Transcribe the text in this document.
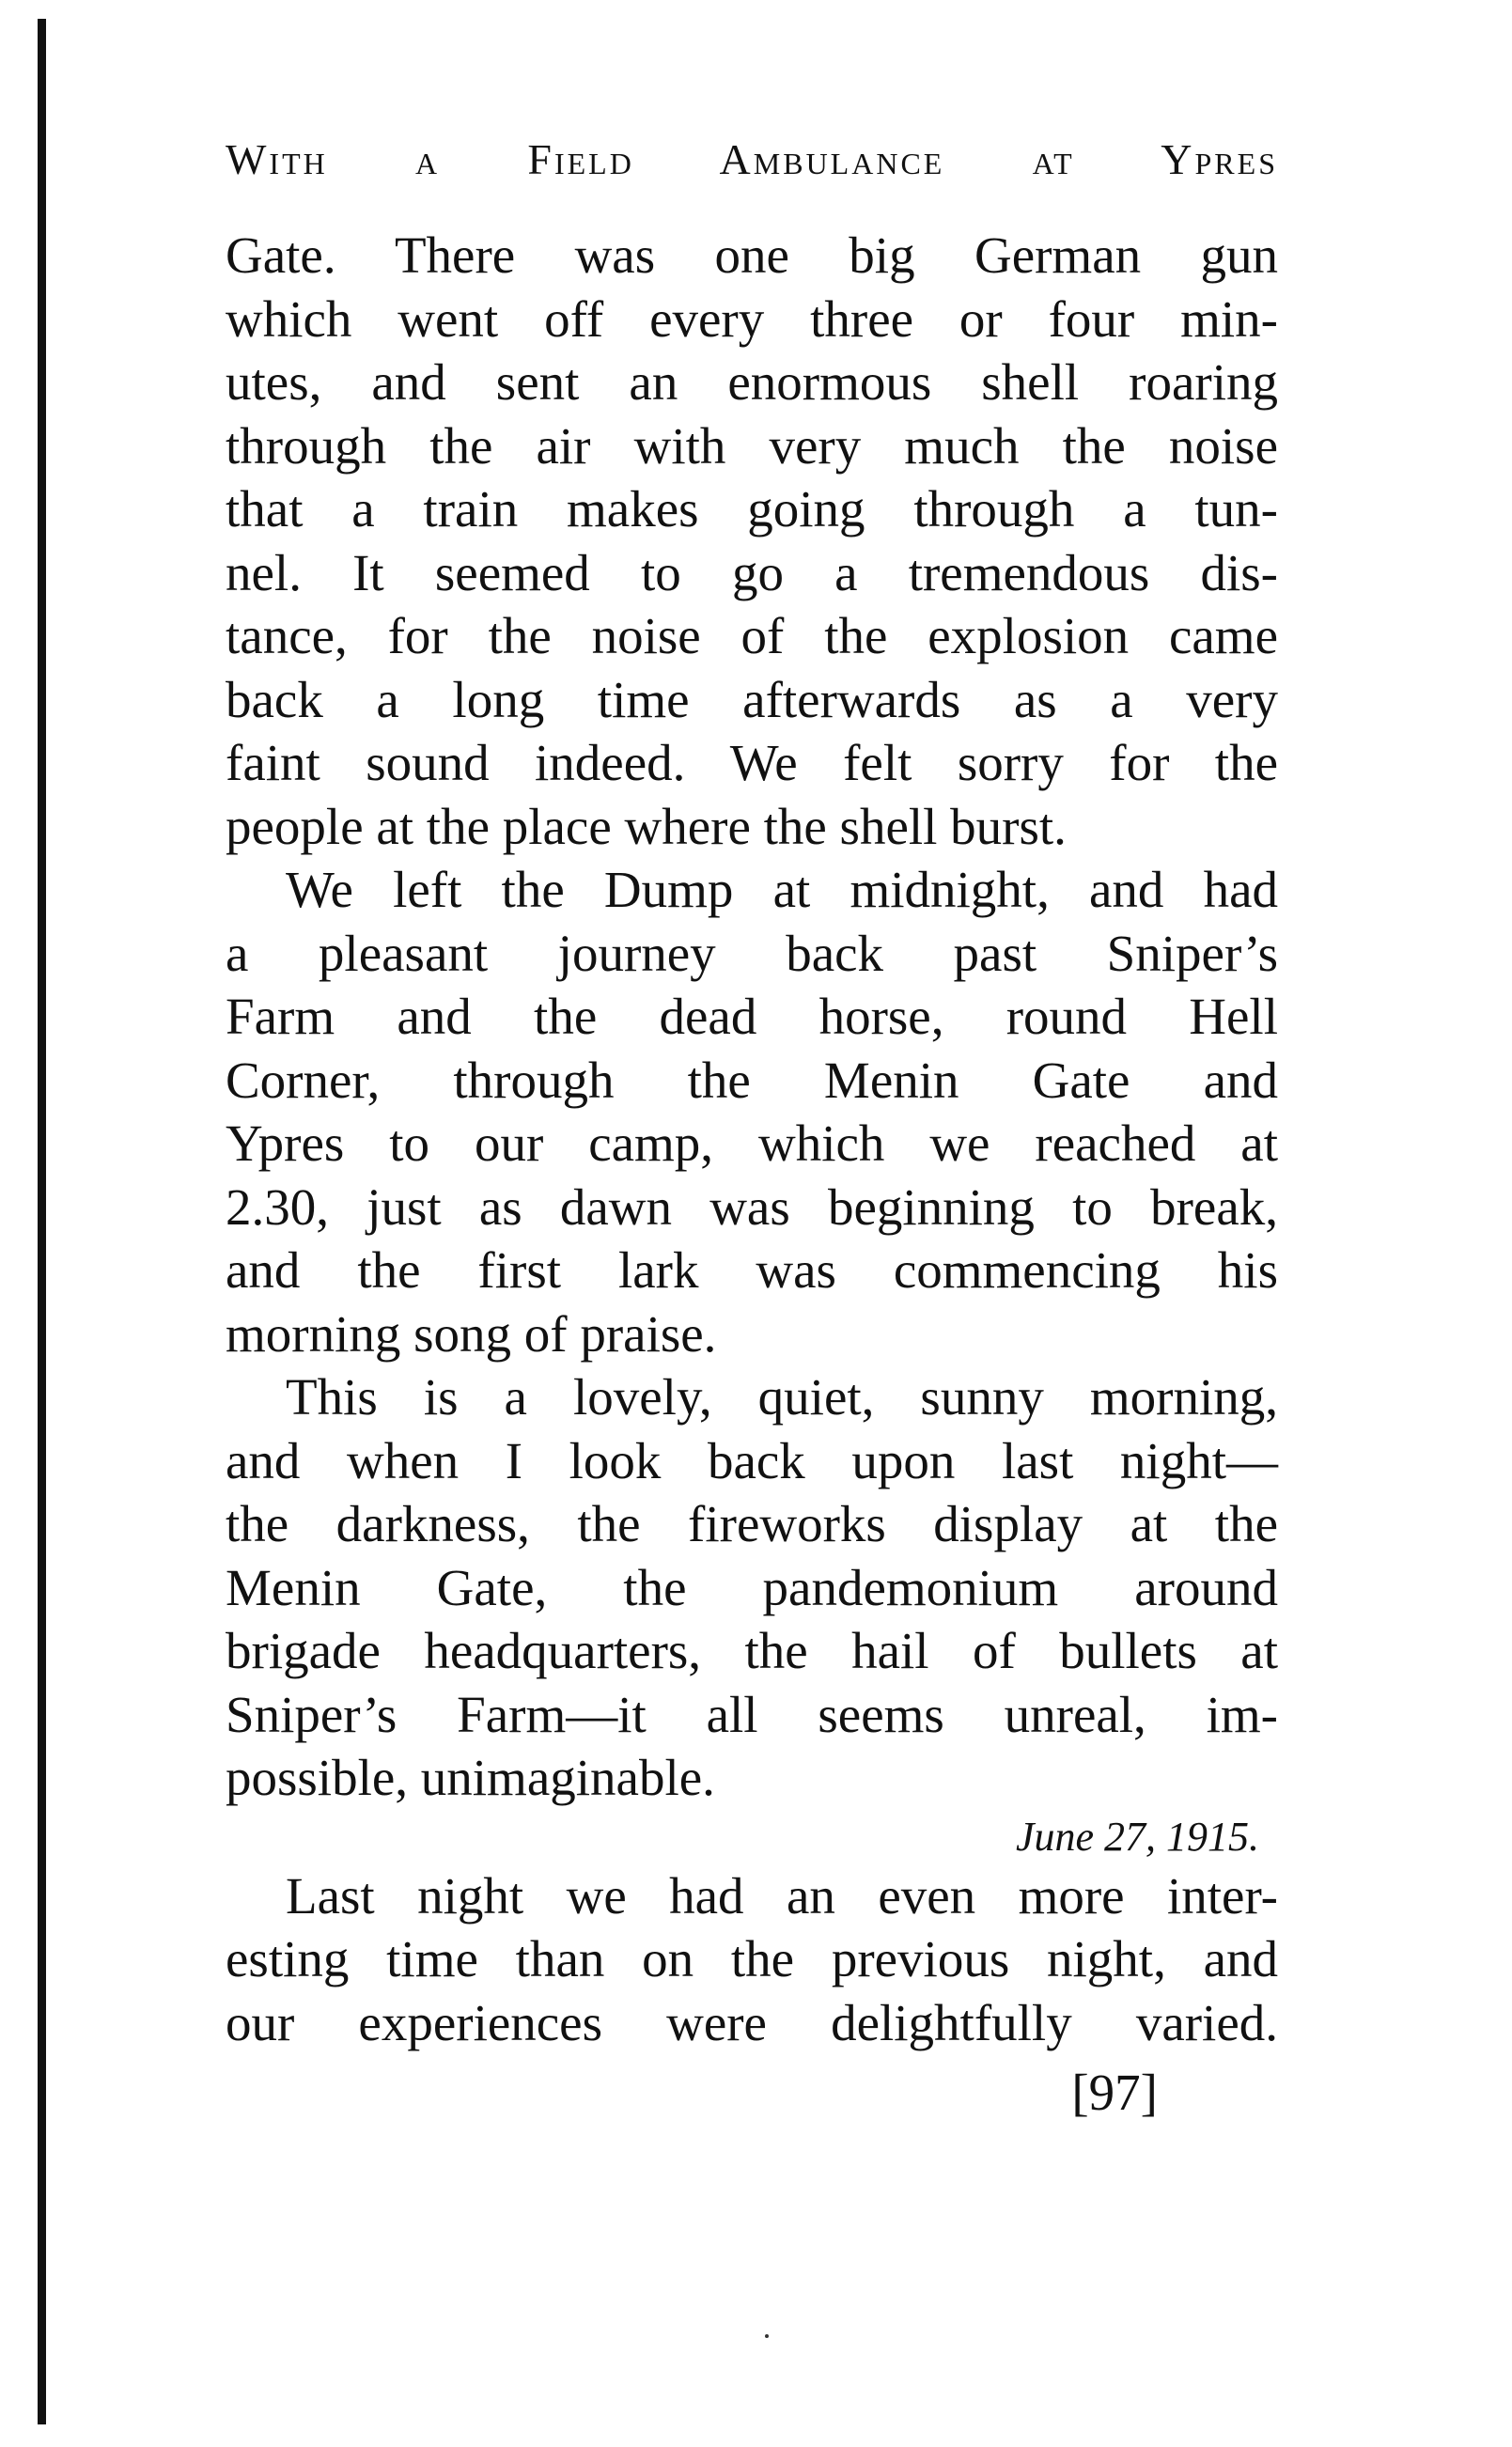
With a Field Ambulance at Ypres
Gate. There was one big German gun
which went off every three or four min-
utes, and sent an enormous shell roaring
through the air with very much the noise
that a train makes going through a tun-
nel. It seemed to go a tremendous dis-
tance, for the noise of the explosion came
back a long time afterwards as a very
faint sound indeed. We felt sorry for the
people at the place where the shell burst.
We left the Dump at midnight, and had
a pleasant journey back past Sniper’s
Farm and the dead horse, round Hell
Corner, through the Menin Gate and
Ypres to our camp, which we reached at
2.30, just as dawn was beginning to break,
and the first lark was commencing his
morning song of praise.
This is a lovely, quiet, sunny morning,
and when I look back upon last night—
the darkness, the fireworks display at the
Menin Gate, the pandemonium around
brigade headquarters, the hail of bullets at
Sniper’s Farm—it all seems unreal, im-
possible, unimaginable.
June 27, 1915.
Last night we had an even more inter-
esting time than on the previous night, and
our experiences were delightfully varied.
[97]
